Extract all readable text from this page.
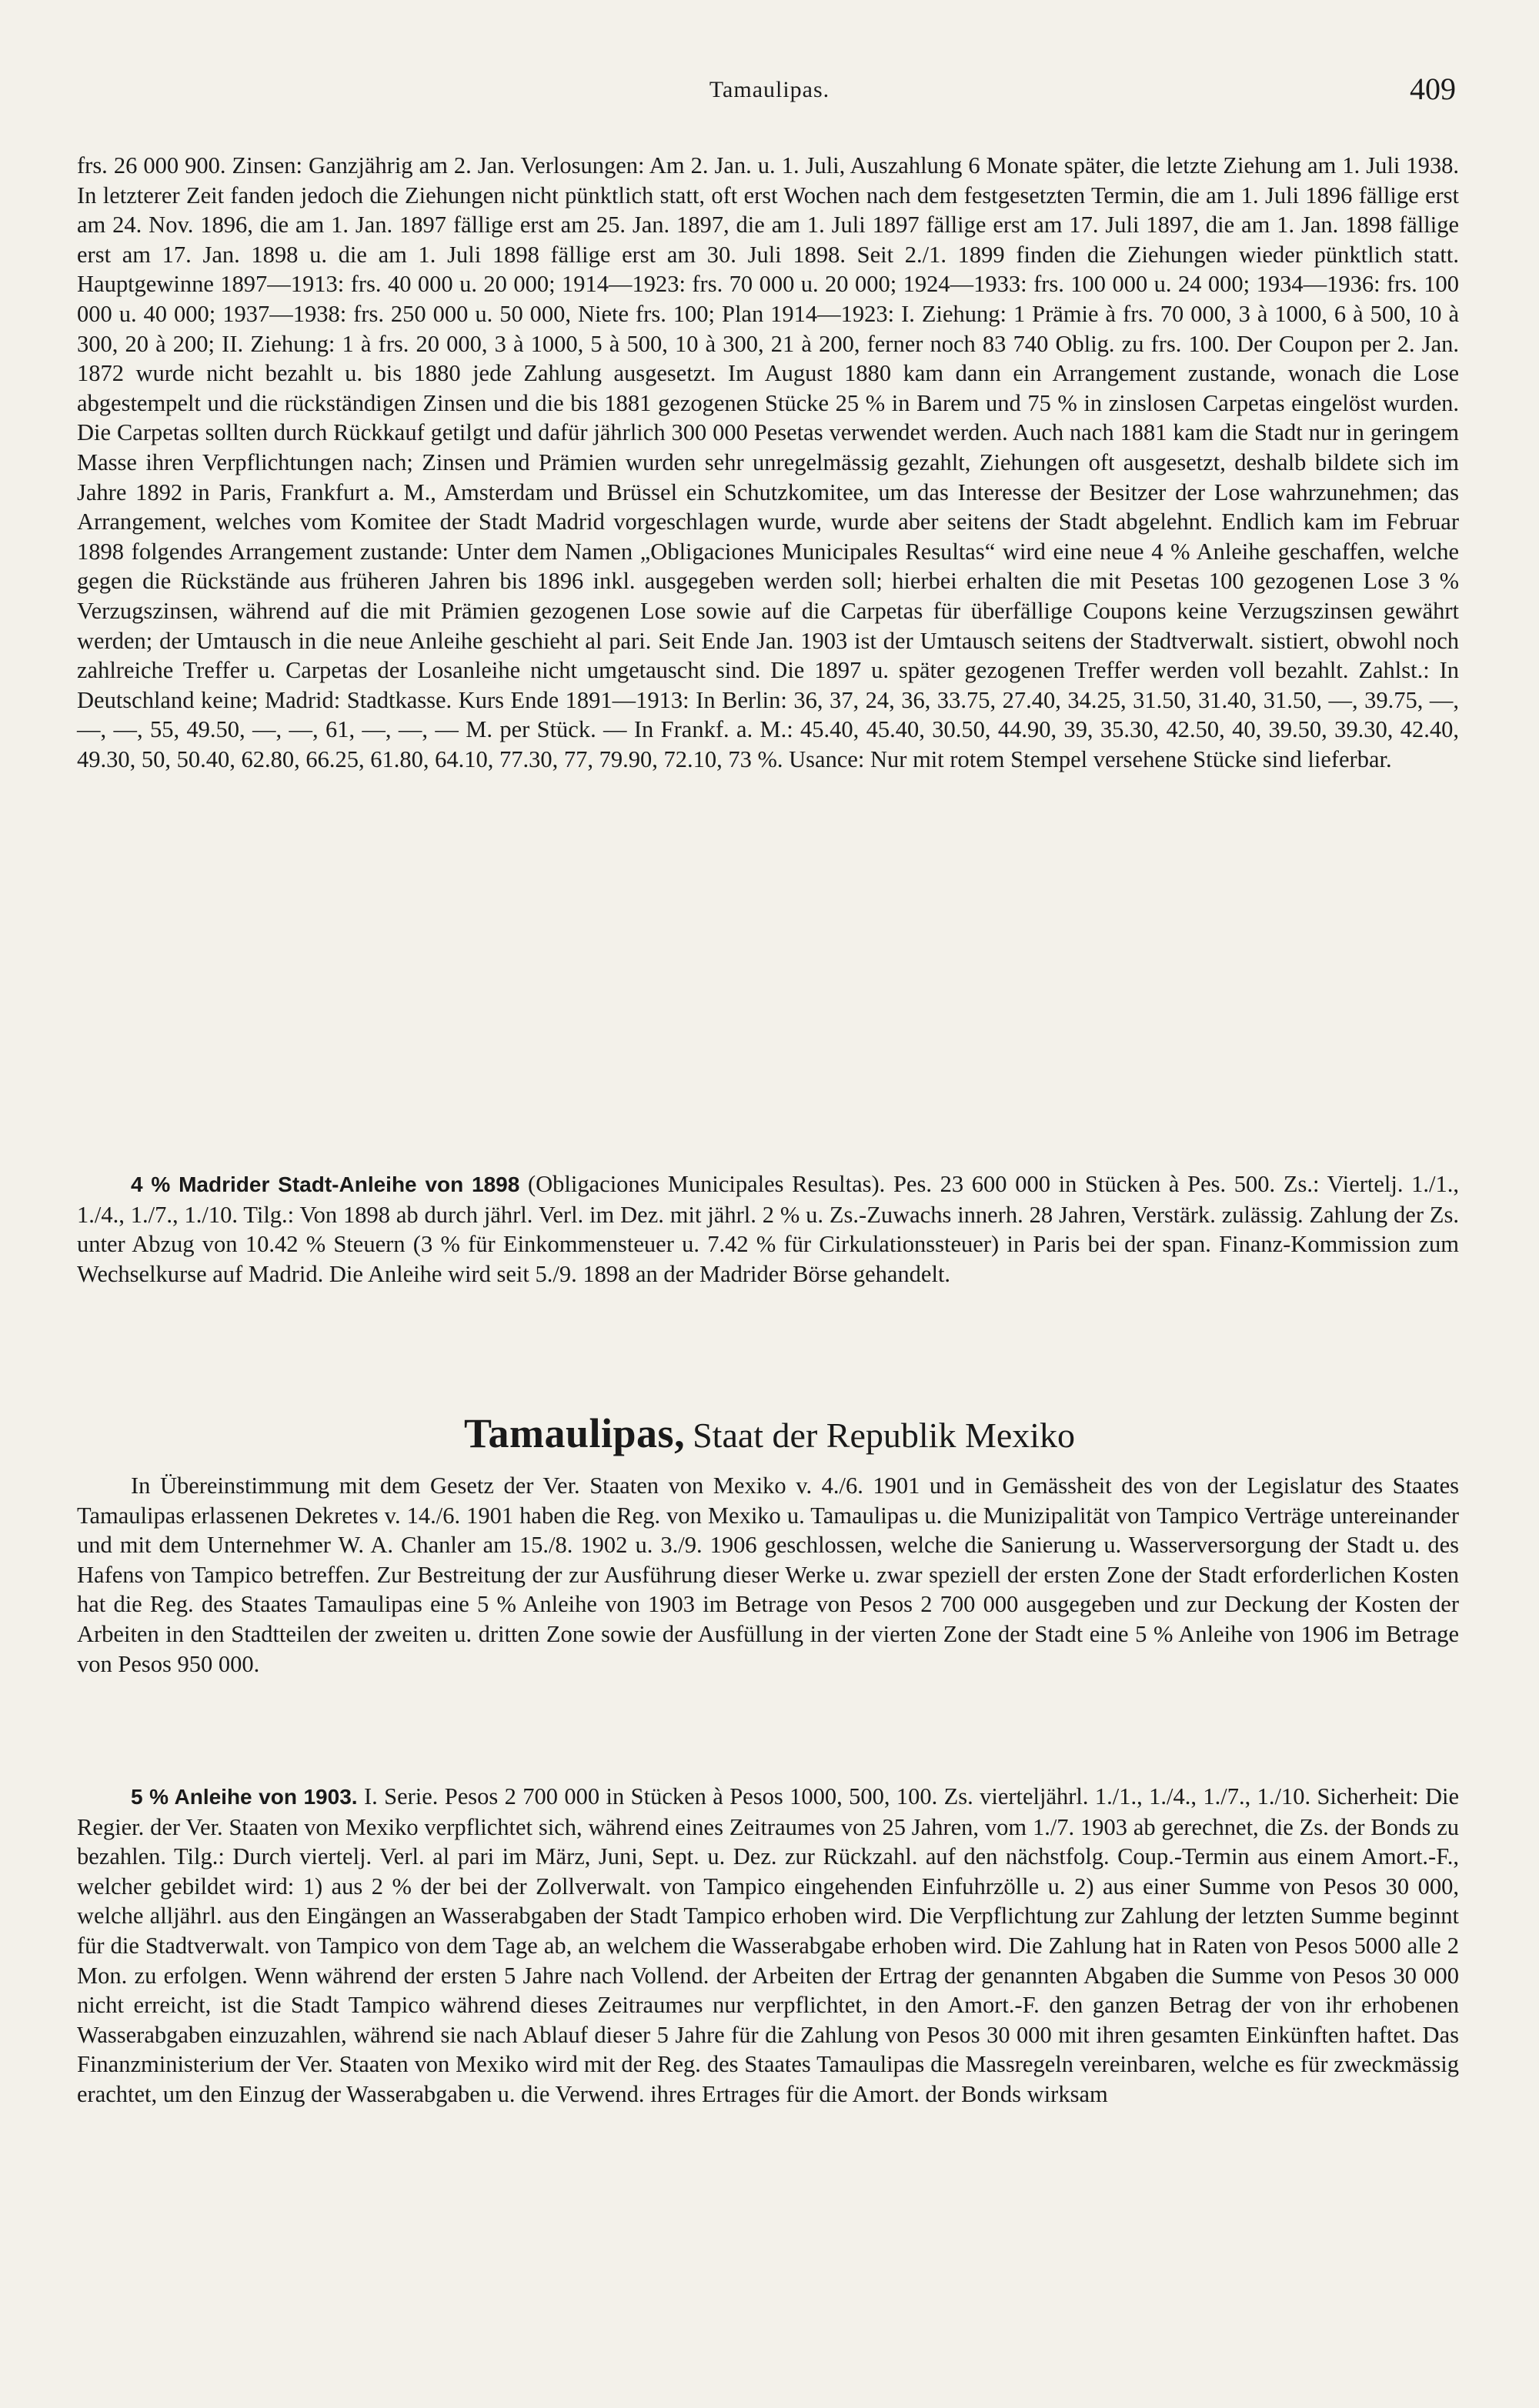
Tamaulipas.	409

frs. 26 000 900. Zinsen: Ganzjährig am 2. Jan. Verlosungen: Am 2. Jan. u. 1. Juli, Auszahlung 6 Monate später, die letzte Ziehung am 1. Juli 1938. In letzterer Zeit fanden jedoch die Ziehungen nicht pünktlich statt, oft erst Wochen nach dem festgesetzten Termin, die am 1. Juli 1896 fällige erst am 24. Nov. 1896, die am 1. Jan. 1897 fällige erst am 25. Jan. 1897, die am 1. Juli 1897 fällige erst am 17. Juli 1897, die am 1. Jan. 1898 fällige erst am 17. Jan. 1898 u. die am 1. Juli 1898 fällige erst am 30. Juli 1898. Seit 2./1. 1899 finden die Ziehungen wieder pünktlich statt. Hauptgewinne 1897—1913: frs. 40 000 u. 20 000; 1914—1923: frs. 70 000 u. 20 000; 1924—1933: frs. 100 000 u. 24 000; 1934—1936: frs. 100 000 u. 40 000; 1937—1938: frs. 250 000 u. 50 000, Niete frs. 100; Plan 1914—1923: I. Ziehung: 1 Prämie à frs. 70 000, 3 à 1000, 6 à 500, 10 à 300, 20 à 200; II. Ziehung: 1 à frs. 20 000, 3 à 1000, 5 à 500, 10 à 300, 21 à 200, ferner noch 83 740 Oblig. zu frs. 100. Der Coupon per 2. Jan. 1872 wurde nicht bezahlt u. bis 1880 jede Zahlung ausgesetzt. Im August 1880 kam dann ein Arrangement zustande, wonach die Lose abgestempelt und die rückständigen Zinsen und die bis 1881 gezogenen Stücke 25 % in Barem und 75 % in zinslosen Carpetas eingelöst wurden. Die Carpetas sollten durch Rückkauf getilgt und dafür jährlich 300 000 Pesetas verwendet werden. Auch nach 1881 kam die Stadt nur in geringem Masse ihren Verpflichtungen nach; Zinsen und Prämien wurden sehr unregelmässig gezahlt, Ziehungen oft ausgesetzt, deshalb bildete sich im Jahre 1892 in Paris, Frankfurt a. M., Amsterdam und Brüssel ein Schutzkomitee, um das Interesse der Besitzer der Lose wahrzunehmen; das Arrangement, welches vom Komitee der Stadt Madrid vorgeschlagen wurde, wurde aber seitens der Stadt abgelehnt. Endlich kam im Februar 1898 folgendes Arrangement zustande: Unter dem Namen „Obligaciones Municipales Resultas“ wird eine neue 4 % Anleihe geschaffen, welche gegen die Rückstände aus früheren Jahren bis 1896 inkl. ausgegeben werden soll; hierbei erhalten die mit Pesetas 100 gezogenen Lose 3 % Verzugszinsen, während auf die mit Prämien gezogenen Lose sowie auf die Carpetas für überfällige Coupons keine Verzugszinsen gewährt werden; der Umtausch in die neue Anleihe geschieht al pari. Seit Ende Jan. 1903 ist der Umtausch seitens der Stadtverwalt. sistiert, obwohl noch zahlreiche Treffer u. Carpetas der Losanleihe nicht umgetauscht sind. Die 1897 u. später gezogenen Treffer werden voll bezahlt. Zahlst.: In Deutschland keine; Madrid: Stadtkasse. Kurs Ende 1891—1913: In Berlin: 36, 37, 24, 36, 33.75, 27.40, 34.25, 31.50, 31.40, 31.50, —, 39.75, —, —, —, 55, 49.50, —, —, 61, —, —, — M. per Stück. — In Frankf. a. M.: 45.40, 45.40, 30.50, 44.90, 39, 35.30, 42.50, 40, 39.50, 39.30, 42.40, 49.30, 50, 50.40, 62.80, 66.25, 61.80, 64.10, 77.30, 77, 79.90, 72.10, 73 %. Usance: Nur mit rotem Stempel versehene Stücke sind lieferbar.

4 % Madrider Stadt-Anleihe von 1898 (Obligaciones Municipales Resultas). Pes. 23 600 000 in Stücken à Pes. 500. Zs.: Viertelj. 1./1., 1./4., 1./7., 1./10. Tilg.: Von 1898 ab durch jährl. Verl. im Dez. mit jährl. 2 % u. Zs.-Zuwachs innerh. 28 Jahren, Verstärk. zulässig. Zahlung der Zs. unter Abzug von 10.42 % Steuern (3 % für Einkommensteuer u. 7.42 % für Cirkulationssteuer) in Paris bei der span. Finanz-Kommission zum Wechselkurse auf Madrid. Die Anleihe wird seit 5./9. 1898 an der Madrider Börse gehandelt.

Tamaulipas, Staat der Republik Mexiko

In Übereinstimmung mit dem Gesetz der Ver. Staaten von Mexiko v. 4./6. 1901 und in Gemässheit des von der Legislatur des Staates Tamaulipas erlassenen Dekretes v. 14./6. 1901 haben die Reg. von Mexiko u. Tamaulipas u. die Munizipalität von Tampico Verträge untereinander und mit dem Unternehmer W. A. Chanler am 15./8. 1902 u. 3./9. 1906 geschlossen, welche die Sanierung u. Wasserversorgung der Stadt u. des Hafens von Tampico betreffen. Zur Bestreitung der zur Ausführung dieser Werke u. zwar speziell der ersten Zone der Stadt erforderlichen Kosten hat die Reg. des Staates Tamaulipas eine 5 % Anleihe von 1903 im Betrage von Pesos 2 700 000 ausgegeben und zur Deckung der Kosten der Arbeiten in den Stadtteilen der zweiten u. dritten Zone sowie der Ausfüllung in der vierten Zone der Stadt eine 5 % Anleihe von 1906 im Betrage von Pesos 950 000.

5 % Anleihe von 1903. I. Serie. Pesos 2 700 000 in Stücken à Pesos 1000, 500, 100. Zs. vierteljährl. 1./1., 1./4., 1./7., 1./10. Sicherheit: Die Regier. der Ver. Staaten von Mexiko verpflichtet sich, während eines Zeitraumes von 25 Jahren, vom 1./7. 1903 ab gerechnet, die Zs. der Bonds zu bezahlen. Tilg.: Durch viertelj. Verl. al pari im März, Juni, Sept. u. Dez. zur Rückzahl. auf den nächstfolg. Coup.-Termin aus einem Amort.-F., welcher gebildet wird: 1) aus 2 % der bei der Zollverwalt. von Tampico eingehenden Einfuhrzölle u. 2) aus einer Summe von Pesos 30 000, welche alljährl. aus den Eingängen an Wasserabgaben der Stadt Tampico erhoben wird. Die Verpflichtung zur Zahlung der letzten Summe beginnt für die Stadtverwalt. von Tampico von dem Tage ab, an welchem die Wasserabgabe erhoben wird. Die Zahlung hat in Raten von Pesos 5000 alle 2 Mon. zu erfolgen. Wenn während der ersten 5 Jahre nach Vollend. der Arbeiten der Ertrag der genannten Abgaben die Summe von Pesos 30 000 nicht erreicht, ist die Stadt Tampico während dieses Zeitraumes nur verpflichtet, in den Amort.-F. den ganzen Betrag der von ihr erhobenen Wasserabgaben einzuzahlen, während sie nach Ablauf dieser 5 Jahre für die Zahlung von Pesos 30 000 mit ihren gesamten Einkünften haftet. Das Finanzministerium der Ver. Staaten von Mexiko wird mit der Reg. des Staates Tamaulipas die Massregeln vereinbaren, welche es für zweckmässig erachtet, um den Einzug der Wasserabgaben u. die Verwend. ihres Ertrages für die Amort. der Bonds wirksam
